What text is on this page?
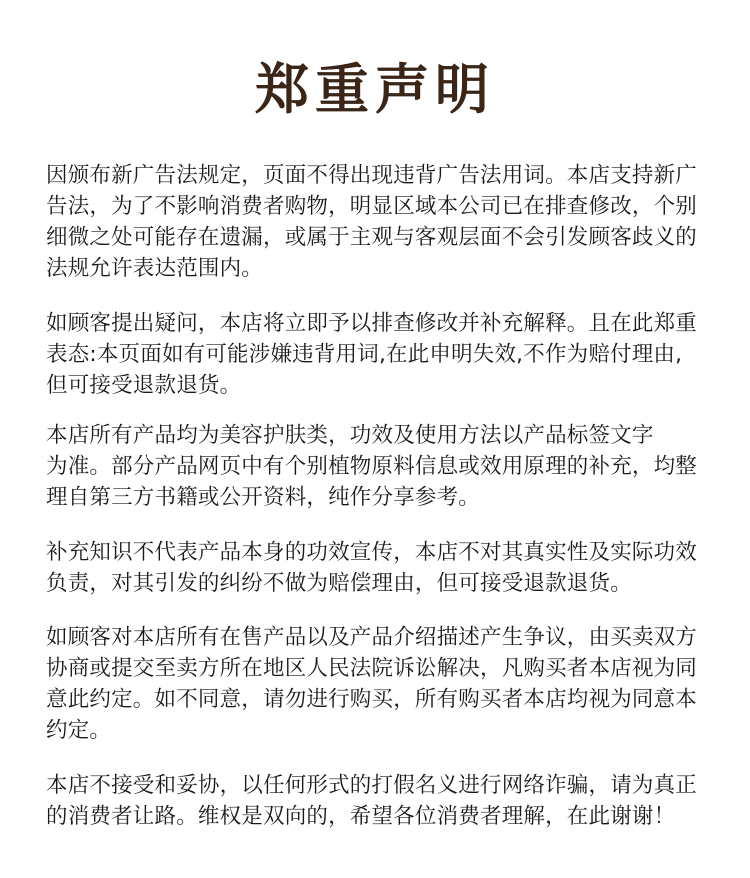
郑重声明
因颁布新广告法规定，页面不得出现违背广告法用词。本店支持新广
告法，为了不影响消费者购物，明显区域本公司已在排查修改，个别
细微之处可能存在遗漏，或属于主观与客观层面不会引发顾客歧义的
法规允许表达范围内。
如顾客提出疑问，本店将立即予以排查修改并补充解释。且在此郑重
表态:本页面如有可能涉嫌违背用词,在此申明失效,不作为赔付理由,
但可接受退款退货。
本店所有产品均为美容护肤类，功效及使用方法以产品标签文字
为准。部分产品网页中有个别植物原料信息或效用原理的补充，均整
理自第三方书籍或公开资料，纯作分享参考。
补充知识不代表产品本身的功效宣传，本店不对其真实性及实际功效
负责，对其引发的纠纷不做为赔偿理由，但可接受退款退货。
如顾客对本店所有在售产品以及产品介绍描述产生争议，由买卖双方
协商或提交至卖方所在地区人民法院诉讼解决，凡购买者本店视为同
意此约定。如不同意，请勿进行购买，所有购买者本店均视为同意本
约定。
本店不接受和妥协，以任何形式的打假名义进行网络诈骗，请为真正
的消费者让路。维权是双向的，希望各位消费者理解，在此谢谢！
